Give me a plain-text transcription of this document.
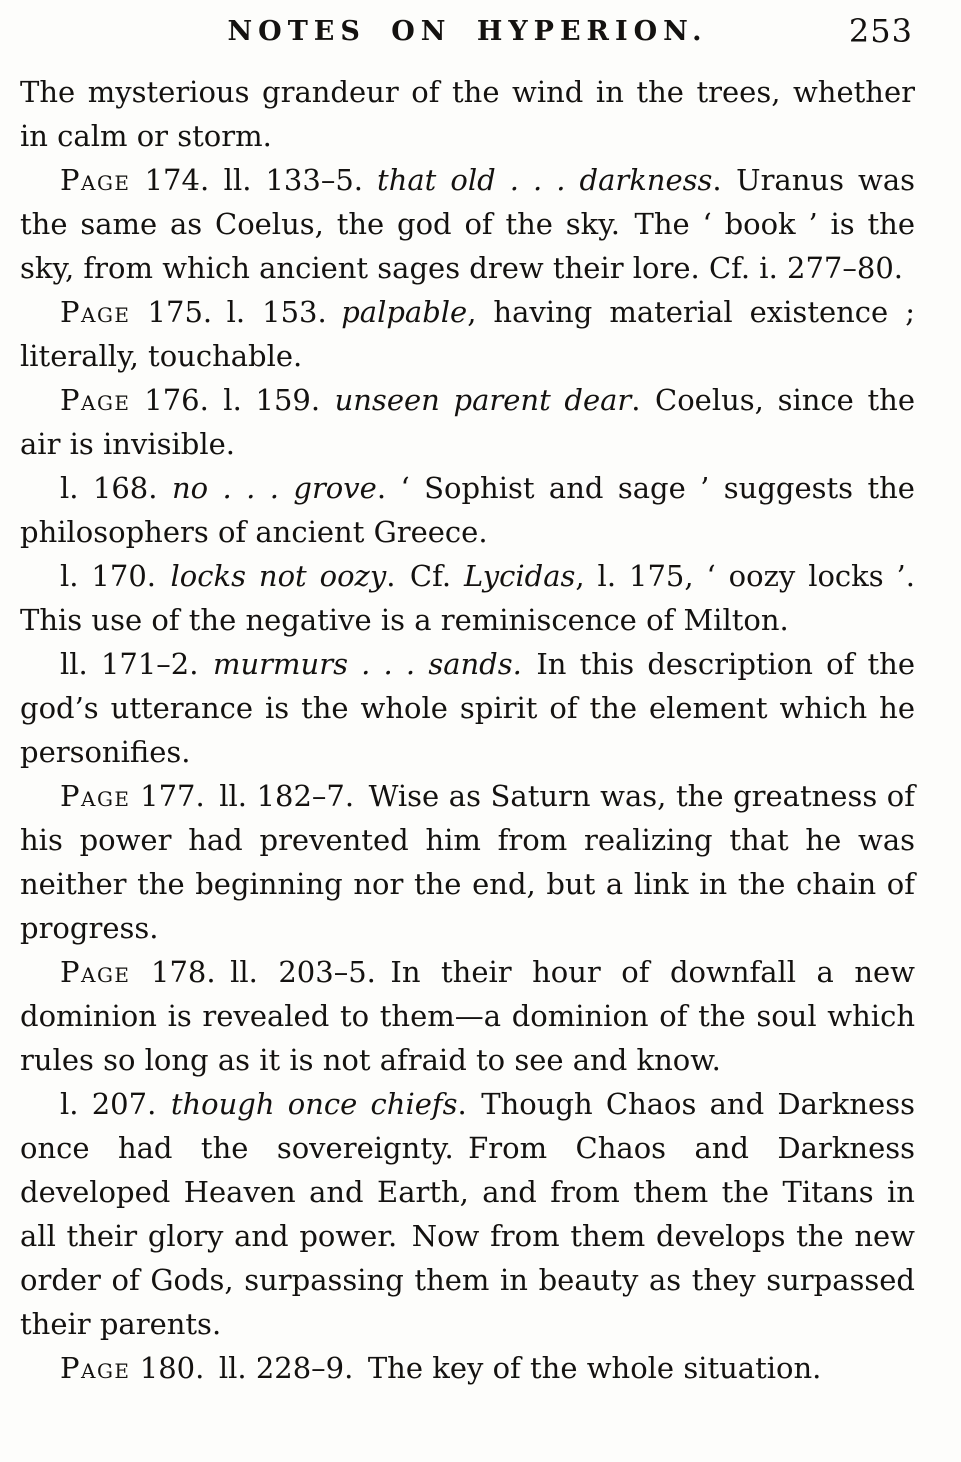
NOTES ON HYPERION.	253

The mysterious grandeur of the wind in the trees, whether in calm or storm.

Page 174. ll. 133–5. that old . . . darkness. Uranus was the same as Coelus, the god of the sky. The ‘ book ’ is the sky, from which ancient sages drew their lore. Cf. i. 277–80.

Page 175. l. 153. palpable, having material existence ; literally, touchable.

Page 176. l. 159. unseen parent dear. Coelus, since the air is invisible.

l. 168. no . . . grove. ‘ Sophist and sage ’ suggests the philosophers of ancient Greece.

l. 170. locks not oozy. Cf. Lycidas, l. 175, ‘ oozy locks ’. This use of the negative is a reminiscence of Milton.

ll. 171–2. murmurs . . . sands. In this description of the god’s utterance is the whole spirit of the element which he personifies.

Page 177. ll. 182–7. Wise as Saturn was, the greatness of his power had prevented him from realizing that he was neither the beginning nor the end, but a link in the chain of progress.

Page 178. ll. 203–5. In their hour of downfall a new dominion is revealed to them—a dominion of the soul which rules so long as it is not afraid to see and know.

l. 207. though once chiefs. Though Chaos and Darkness once had the sovereignty. From Chaos and Darkness developed Heaven and Earth, and from them the Titans in all their glory and power. Now from them develops the new order of Gods, surpassing them in beauty as they surpassed their parents.

Page 180. ll. 228–9. The key of the whole situation.
